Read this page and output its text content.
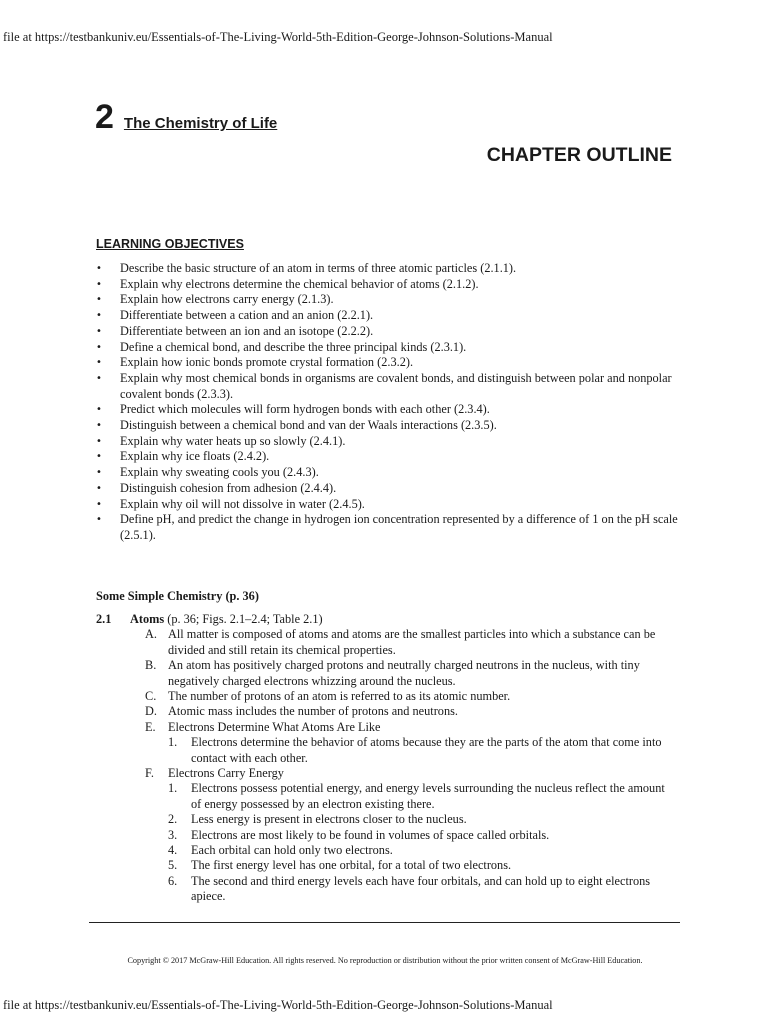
file at https://testbankuniv.eu/Essentials-of-The-Living-World-5th-Edition-George-Johnson-Solutions-Manual
2 The Chemistry of Life
CHAPTER OUTLINE
LEARNING OBJECTIVES
• Describe the basic structure of an atom in terms of three atomic particles (2.1.1).
• Explain why electrons determine the chemical behavior of atoms (2.1.2).
• Explain how electrons carry energy (2.1.3).
• Differentiate between a cation and an anion (2.2.1).
• Differentiate between an ion and an isotope (2.2.2).
• Define a chemical bond, and describe the three principal kinds (2.3.1).
• Explain how ionic bonds promote crystal formation (2.3.2).
• Explain why most chemical bonds in organisms are covalent bonds, and distinguish between polar and nonpolar covalent bonds (2.3.3).
• Predict which molecules will form hydrogen bonds with each other (2.3.4).
• Distinguish between a chemical bond and van der Waals interactions (2.3.5).
• Explain why water heats up so slowly (2.4.1).
• Explain why ice floats (2.4.2).
• Explain why sweating cools you (2.4.3).
• Distinguish cohesion from adhesion (2.4.4).
• Explain why oil will not dissolve in water (2.4.5).
• Define pH, and predict the change in hydrogen ion concentration represented by a difference of 1 on the pH scale (2.5.1).
Some Simple Chemistry (p. 36)
2.1 Atoms (p. 36; Figs. 2.1–2.4; Table 2.1)
A. All matter is composed of atoms and atoms are the smallest particles into which a substance can be divided and still retain its chemical properties.
B. An atom has positively charged protons and neutrally charged neutrons in the nucleus, with tiny negatively charged electrons whizzing around the nucleus.
C. The number of protons of an atom is referred to as its atomic number.
D. Atomic mass includes the number of protons and neutrons.
E. Electrons Determine What Atoms Are Like
1. Electrons determine the behavior of atoms because they are the parts of the atom that come into contact with each other.
F. Electrons Carry Energy
1. Electrons possess potential energy, and energy levels surrounding the nucleus reflect the amount of energy possessed by an electron existing there.
2. Less energy is present in electrons closer to the nucleus.
3. Electrons are most likely to be found in volumes of space called orbitals.
4. Each orbital can hold only two electrons.
5. The first energy level has one orbital, for a total of two electrons.
6. The second and third energy levels each have four orbitals, and can hold up to eight electrons apiece.
Copyright © 2017 McGraw-Hill Education. All rights reserved. No reproduction or distribution without the prior written consent of McGraw-Hill Education.
file at https://testbankuniv.eu/Essentials-of-The-Living-World-5th-Edition-George-Johnson-Solutions-Manual
